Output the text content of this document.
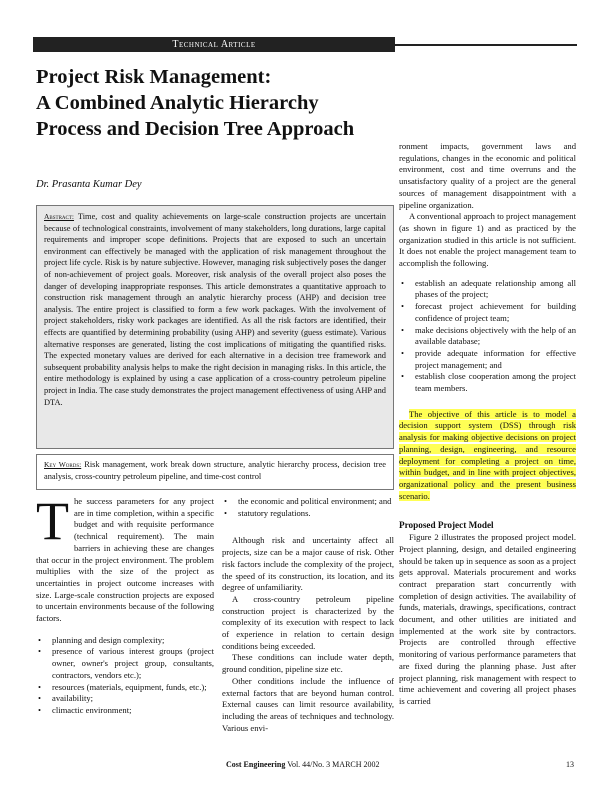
Technical Article
Project Risk Management:
A Combined Analytic Hierarchy
Process and Decision Tree Approach
Dr. Prasanta Kumar Dey
Abstract: Time, cost and quality achievements on large-scale construction projects are uncertain because of technological constraints, involvement of many stakeholders, long durations, large capital requirements and improper scope definitions. Projects that are exposed to such an uncertain environment can effectively be managed with the application of risk management throughout the project life cycle. Risk is by nature subjective. However, managing risk subjectively poses the danger of non-achievement of project goals. Moreover, risk analysis of the overall project also poses the danger of developing inappropriate responses. This article demonstrates a quantitative approach to construction risk management through an analytic hierarchy process (AHP) and decision tree analysis. The entire project is classified to form a few work packages. With the involvement of project stakeholders, risky work packages are identified. As all the risk factors are identified, their effects are quantified by determining probability (using AHP) and severity (guess estimate). Various alternative responses are generated, listing the cost implications of mitigating the quantified risks. The expected monetary values are derived for each alternative in a decision tree framework and subsequent probability analysis helps to make the right decision in managing risks. In this article, the entire methodology is explained by using a case application of a cross-country petroleum pipeline project in India. The case study demonstrates the project management effectiveness of using AHP and DTA.
Key Words: Risk management, work break down structure, analytic hierarchy process, decision tree analysis, cross-country petroleum pipeline, and time-cost control

The success parameters for any project are in time completion, within a specific budget and with requisite performance (technical requirement). The main barriers in achieving these are changes that occur in the project environment. The problem multiplies with the size of the project as uncertainties in project outcome increases with size. Large-scale construction projects are exposed to uncertain environments because of the following factors.

• planning and design complexity;
• presence of various interest groups (project owner, owner's project group, consultants, contractors, vendors etc.);
• resources (materials, equipment, funds, etc.);
• availability;
• climactic environment;
• the economic and political environment; and
• statutory regulations.

Although risk and uncertainty affect all projects, size can be a major cause of risk. Other risk factors include the complexity of the project, the speed of its construction, its location, and its degree of unfamiliarity.

A cross-country petroleum pipeline construction project is characterized by the complexity of its execution with respect to lack of experience in relation to certain design conditions being exceeded.

These conditions can include water depth, ground condition, pipeline size etc.

Other conditions include the influence of external factors that are beyond human control. External causes can limit resource availability, including the areas of techniques and technology. Various envi-

ronment impacts, government laws and regulations, changes in the economic and political environment, cost and time overruns and the unsatisfactory quality of a project are the general sources of management disappointment with a pipeline organization.

A conventional approach to project management (as shown in figure 1) and as practiced by the organization studied in this article is not sufficient. It does not enable the project management team to accomplish the following.

• establish an adequate relationship among all phases of the project;
• forecast project achievement for building confidence of project team;
• make decisions objectively with the help of an available database;
• provide adequate information for effective project management; and
• establish close cooperation among the project team members.

The objective of this article is to model a decision support system (DSS) through risk analysis for making objective decisions on project planning, design, engineering, and resource deployment for completing a project on time, within budget, and in line with project objectives, organizational policy and the present business scenario.

Proposed Project Model

Figure 2 illustrates the proposed project model. Project planning, design, and detailed engineering should be taken up in sequence as soon as a project gets approval. Materials procurement and works contract preparation start concurrently with completion of design activities. The availability of funds, materials, drawings, specifications, contract document, and other utilities are initiated and implemented at the work site by contractors. Projects are controlled through effective monitoring of various performance parameters that are fixed during the planning phase. Just after project planning, risk management with respect to time achievement and covering all project phases is carried

Cost Engineering Vol. 44/No. 3 MARCH 2002	13
